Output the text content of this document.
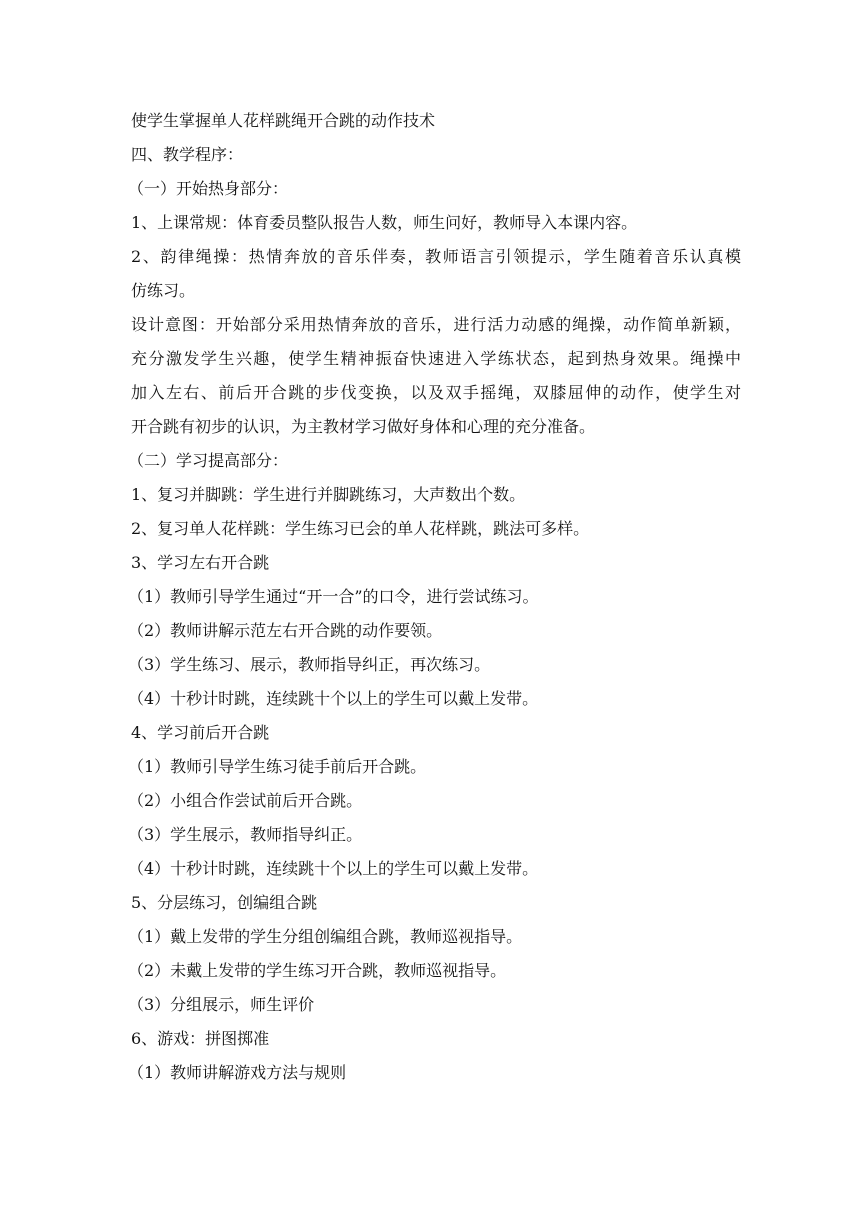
使学生掌握单人花样跳绳开合跳的动作技术
四、教学程序：
（一）开始热身部分：
1、上课常规：体育委员整队报告人数，师生问好，教师导入本课内容。
2、韵律绳操：热情奔放的音乐伴奏，教师语言引领提示，学生随着音乐认真模
仿练习。
设计意图：开始部分采用热情奔放的音乐，进行活力动感的绳操，动作简单新颖，
充分激发学生兴趣，使学生精神振奋快速进入学练状态，起到热身效果。绳操中
加入左右、前后开合跳的步伐变换，以及双手摇绳，双膝屈伸的动作，使学生对
开合跳有初步的认识，为主教材学习做好身体和心理的充分准备。
（二）学习提高部分：
1、复习并脚跳：学生进行并脚跳练习，大声数出个数。
2、复习单人花样跳：学生练习已会的单人花样跳，跳法可多样。
3、学习左右开合跳
（1）教师引导学生通过“开一合”的口令，进行尝试练习。
（2）教师讲解示范左右开合跳的动作要领。
（3）学生练习、展示，教师指导纠正，再次练习。
（4）十秒计时跳，连续跳十个以上的学生可以戴上发带。
4、学习前后开合跳
（1）教师引导学生练习徒手前后开合跳。
（2）小组合作尝试前后开合跳。
（3）学生展示，教师指导纠正。
（4）十秒计时跳，连续跳十个以上的学生可以戴上发带。
5、分层练习，创编组合跳
（1）戴上发带的学生分组创编组合跳，教师巡视指导。
（2）未戴上发带的学生练习开合跳，教师巡视指导。
（3）分组展示，师生评价
6、游戏：拼图掷准
（1）教师讲解游戏方法与规则
